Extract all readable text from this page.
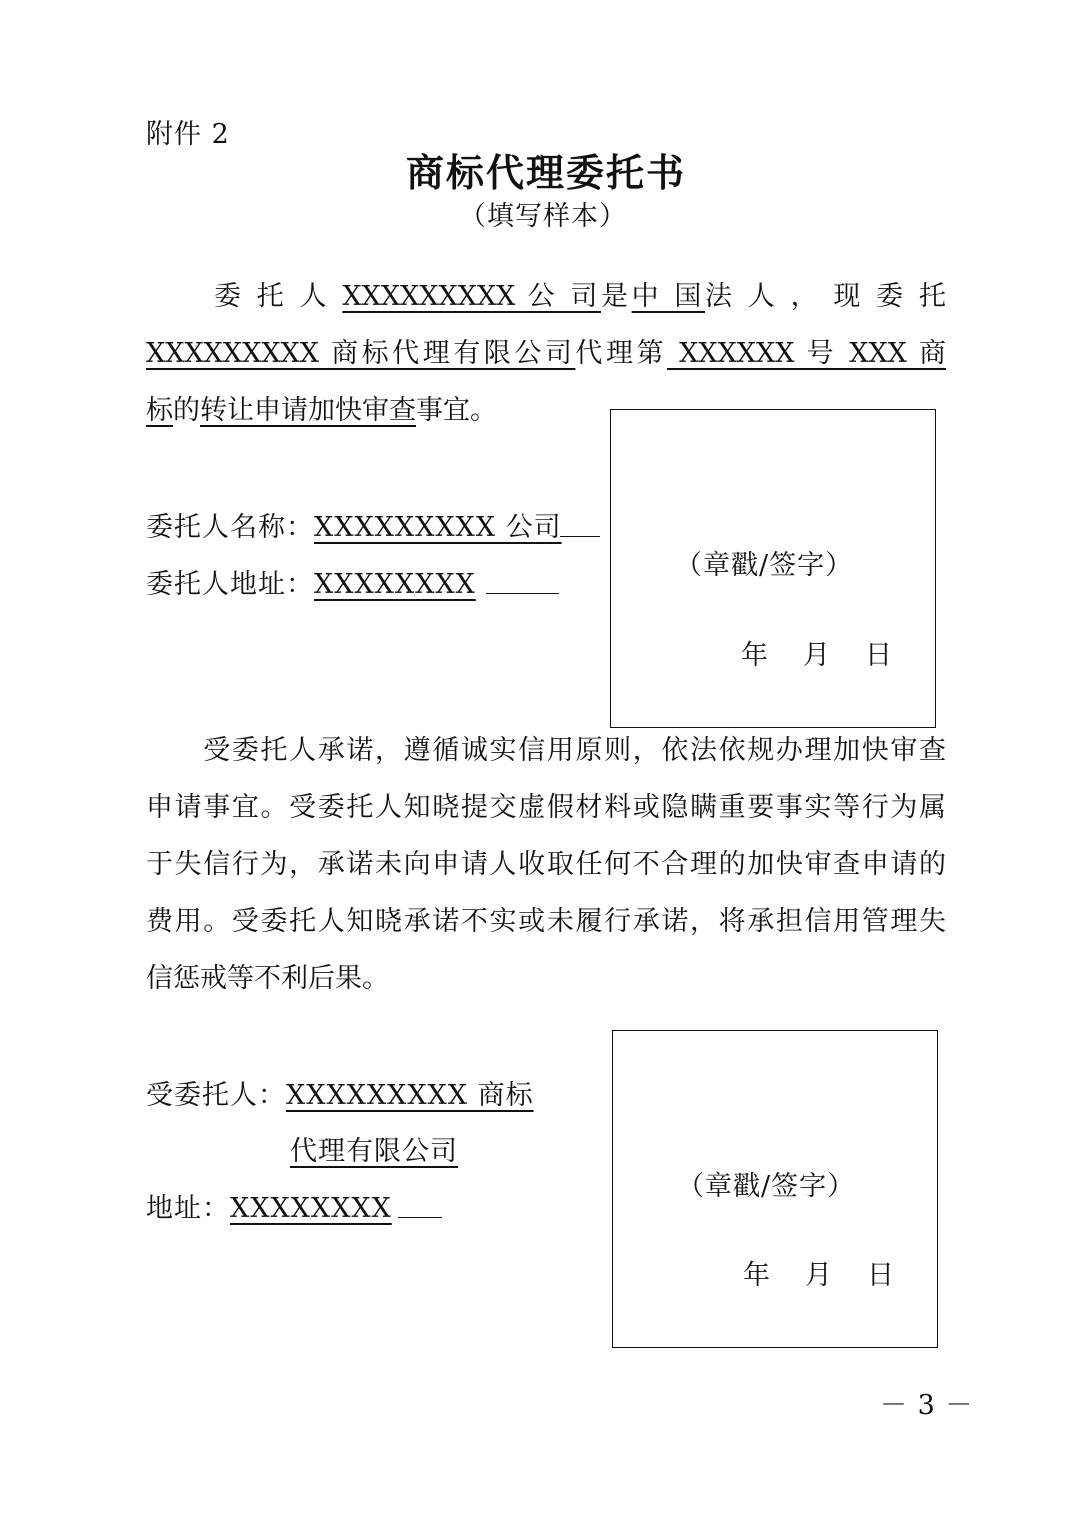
附件 2
商标代理委托书
（填写样本）

委 托 人 XXXXXXXXX 公 司是中 国法 人 ， 现 委 托

XXXXXXXXX 商标代理有限公司代理第 XXXXXX 号 XXX 商

标的转让申请加快审查事宜。

委托人名称：XXXXXXXXX 公司
委托人地址：XXXXXXXX
（章戳/签字）
年　月　日

　　受委托人承诺，遵循诚实信用原则，依法依规办理加快审查

申请事宜。受委托人知晓提交虚假材料或隐瞒重要事实等行为属

于失信行为，承诺未向申请人收取任何不合理的加快审查申请的

费用。受委托人知晓承诺不实或未履行承诺，将承担信用管理失

信惩戒等不利后果。

受委托人：XXXXXXXXX 商标
代理有限公司
地址：XXXXXXXX
（章戳/签字）
年　月　日
－ 3 －
